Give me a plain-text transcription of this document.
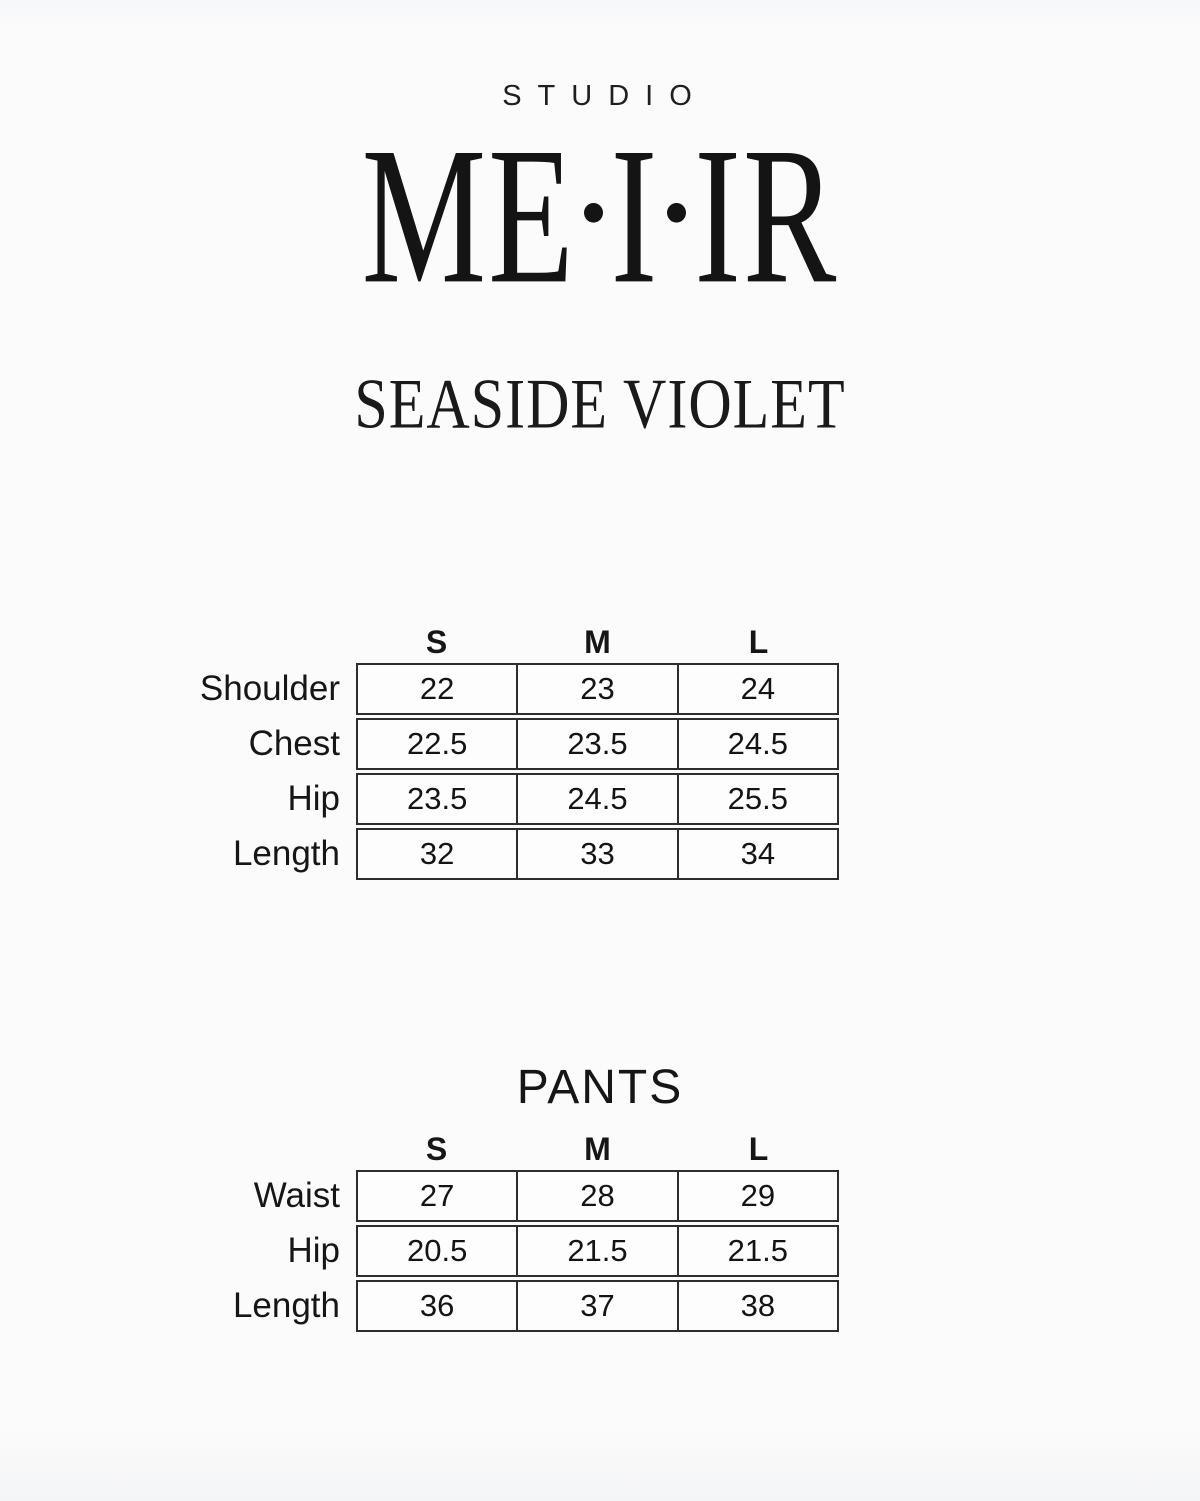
STUDIO
M E I I R
SEASIDE VIOLET
S	M	L
Shoulder	22	23	24
Chest	22.5	23.5	24.5
Hip	23.5	24.5	25.5
Length	32	33	34
PANTS
S	M	L
Waist	27	28	29
Hip	20.5	21.5	21.5
Length	36	37	38
